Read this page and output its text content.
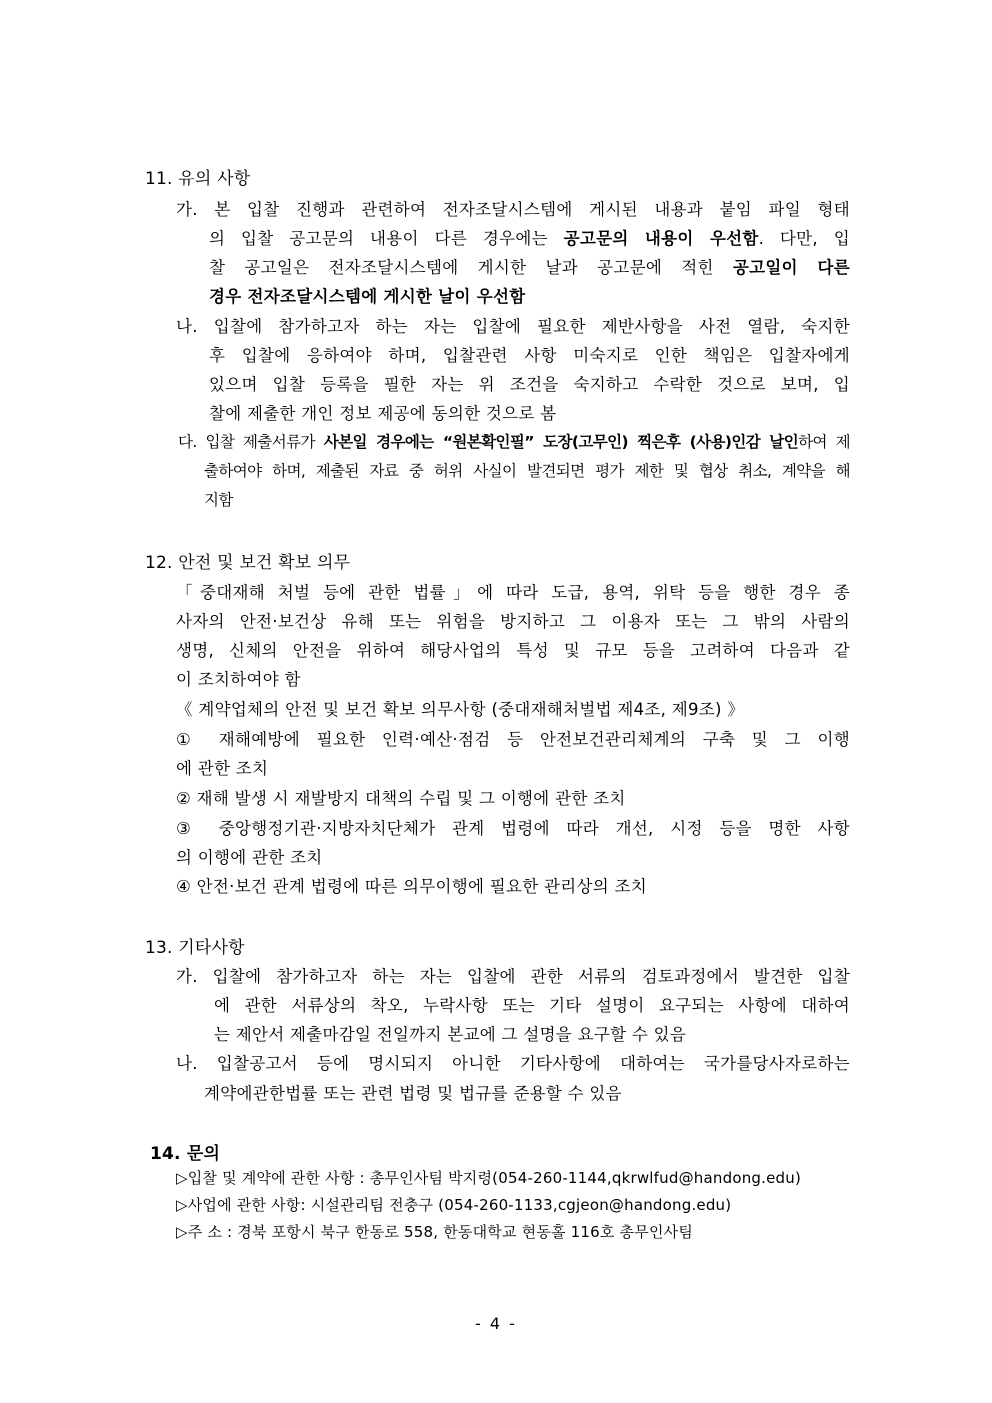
11. 유의 사항
가. 본 입찰 진행과 관련하여 전자조달시스템에 게시된 내용과 붙임 파일 형태
의 입찰 공고문의 내용이 다른 경우에는 공고문의 내용이 우선함. 다만, 입
찰 공고일은 전자조달시스템에 게시한 날과 공고문에 적힌 공고일이 다른
경우 전자조달시스템에 게시한 날이 우선함
나. 입찰에 참가하고자 하는 자는 입찰에 필요한 제반사항을 사전 열람, 숙지한
후 입찰에 응하여야 하며, 입찰관련 사항 미숙지로 인한 책임은 입찰자에게
있으며 입찰 등록을 필한 자는 위 조건을 숙지하고 수락한 것으로 보며, 입
찰에 제출한 개인 정보 제공에 동의한 것으로 봄
다. 입찰 제출서류가 사본일 경우에는 “원본확인필” 도장(고무인) 찍은후 (사용)인감 날인하여 제
출하여야 하며, 제출된 자료 중 허위 사실이 발견되면 평가 제한 및 협상 취소, 계약을 해
지함
12. 안전 및 보건 확보 의무
「중대재해 처벌 등에 관한 법률」에 따라 도급, 용역, 위탁 등을 행한 경우 종
사자의 안전·보건상 유해 또는 위험을 방지하고 그 이용자 또는 그 밖의 사람의
생명, 신체의 안전을 위하여 해당사업의 특성 및 규모 등을 고려하여 다음과 같
이 조치하여야 함
《 계약업체의 안전 및 보건 확보 의무사항 (중대재해처벌법 제4조, 제9조) 》
① 재해예방에 필요한 인력·예산·점검 등 안전보건관리체계의 구축 및 그 이행
에 관한 조치
② 재해 발생 시 재발방지 대책의 수립 및 그 이행에 관한 조치
③ 중앙행정기관·지방자치단체가 관계 법령에 따라 개선, 시정 등을 명한 사항
의 이행에 관한 조치
④ 안전·보건 관계 법령에 따른 의무이행에 필요한 관리상의 조치
13. 기타사항
가. 입찰에 참가하고자 하는 자는 입찰에 관한 서류의 검토과정에서 발견한 입찰
에 관한 서류상의 착오, 누락사항 또는 기타 설명이 요구되는 사항에 대하여
는 제안서 제출마감일 전일까지 본교에 그 설명을 요구할 수 있음
나. 입찰공고서 등에 명시되지 아니한 기타사항에 대하여는 국가를당사자로하는
계약에관한법률 또는 관련 법령 및 법규를 준용할 수 있음
14. 문의
▷입찰 및 계약에 관한 사항 : 총무인사팀 박지령(054-260-1144,qkrwlfud@handong.edu)
▷사업에 관한 사항: 시설관리팀 전충구 (054-260-1133,cgjeon@handong.edu)
▷주 소 : 경북 포항시 북구 한동로 558, 한동대학교 현동홀 116호 총무인사팀
- 4 -
